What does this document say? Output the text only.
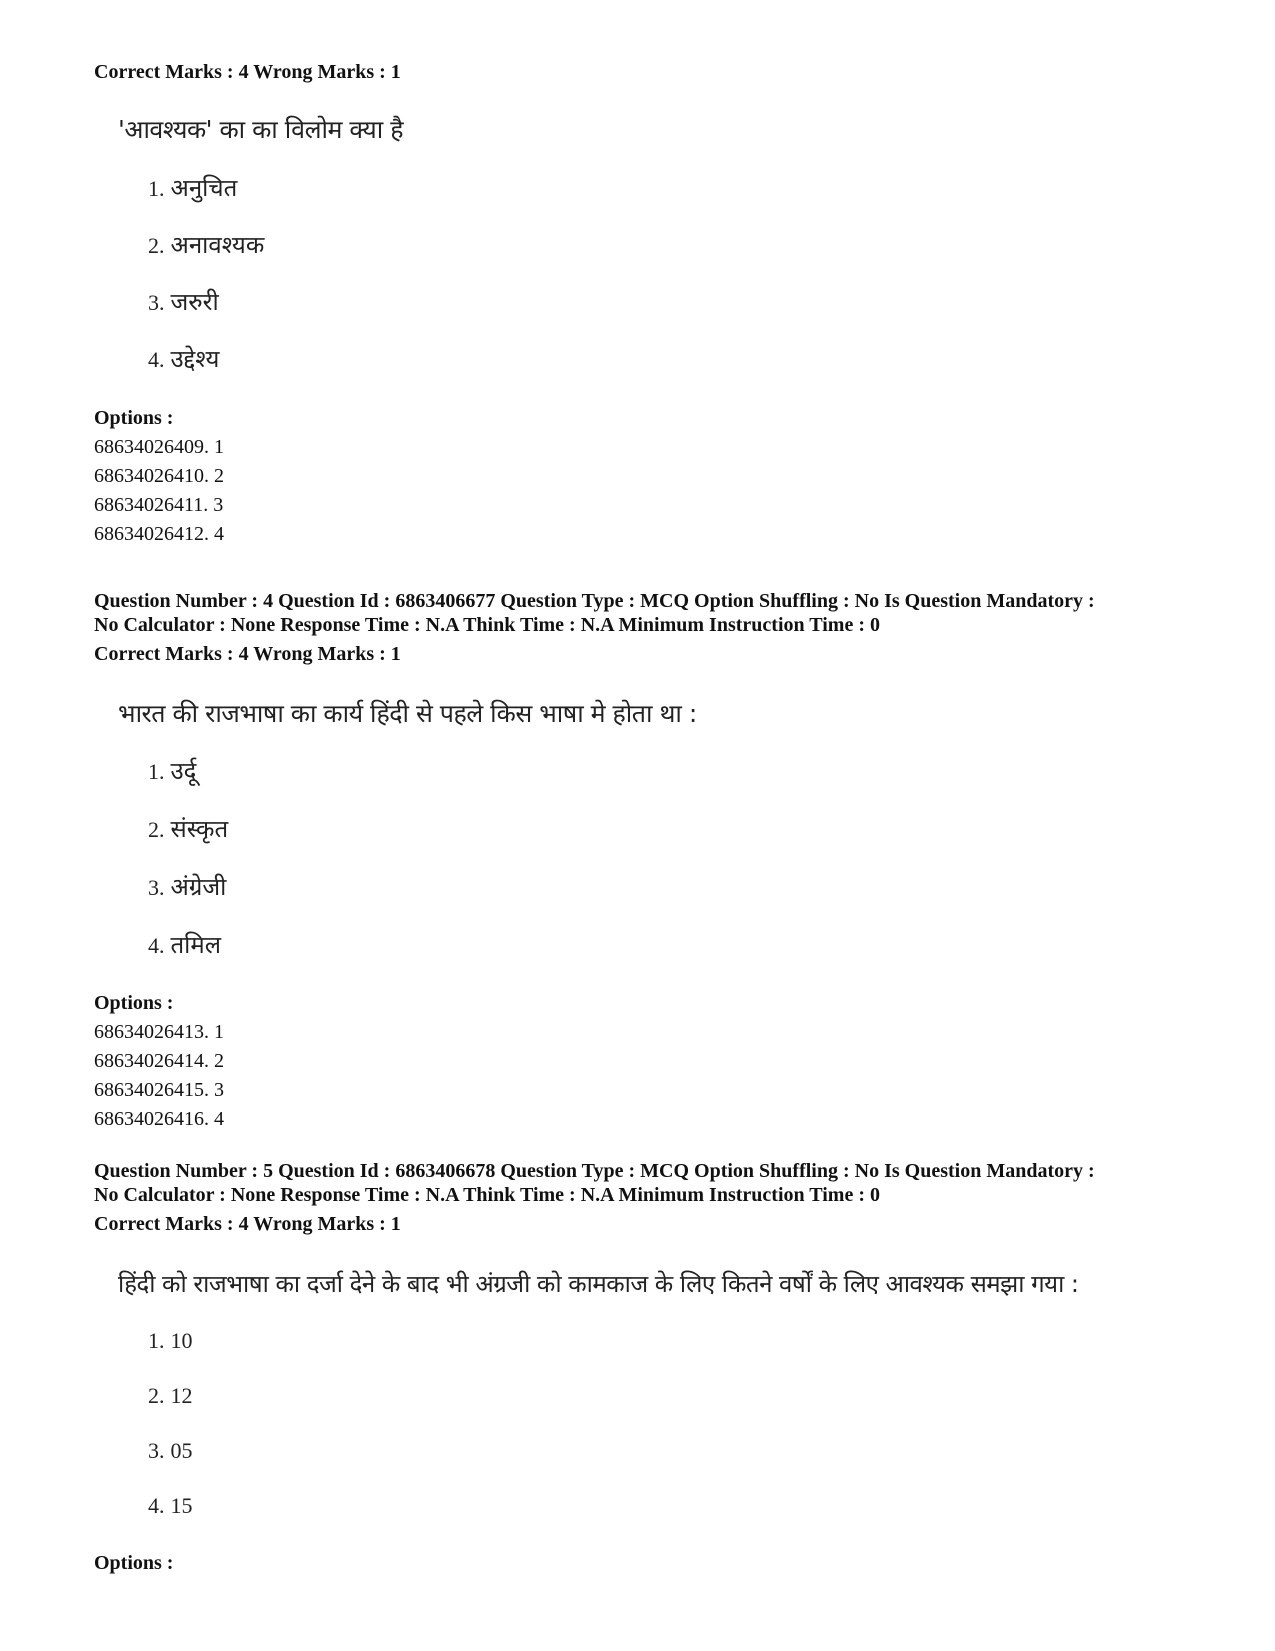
Correct Marks : 4 Wrong Marks : 1
'आवश्यक' का का विलोम क्या है
1. अनुचित
2. अनावश्यक
3. जरुरी
4. उद्देश्य
Options :
68634026409. 1
68634026410. 2
68634026411. 3
68634026412. 4
Question Number : 4 Question Id : 6863406677 Question Type : MCQ Option Shuffling : No Is Question Mandatory :
No Calculator : None Response Time : N.A Think Time : N.A Minimum Instruction Time : 0
Correct Marks : 4 Wrong Marks : 1
भारत की राजभाषा का कार्य हिंदी से पहले किस भाषा मे होता था :
1. उर्दू
2. संस्कृत
3. अंग्रेजी
4. तमिल
Options :
68634026413. 1
68634026414. 2
68634026415. 3
68634026416. 4
Question Number : 5 Question Id : 6863406678 Question Type : MCQ Option Shuffling : No Is Question Mandatory :
No Calculator : None Response Time : N.A Think Time : N.A Minimum Instruction Time : 0
Correct Marks : 4 Wrong Marks : 1
हिंदी को राजभाषा का दर्जा देने के बाद भी अंग्रजी को कामकाज के लिए कितने वर्षों के लिए आवश्यक समझा गया :
1. 10
2. 12
3. 05
4. 15
Options :
